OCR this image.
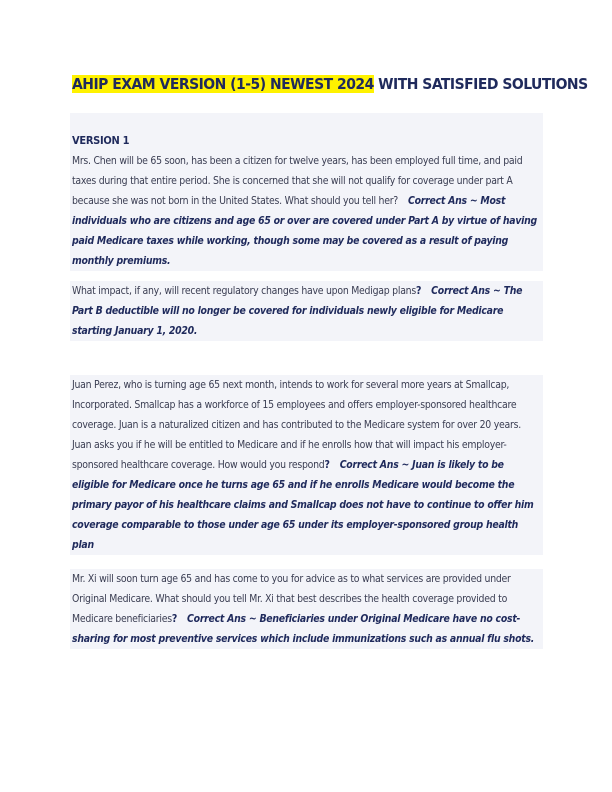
AHIP EXAM VERSION (1-5) NEWEST 2024 WITH SATISFIED SOLUTIONS

VERSION 1

Mrs. Chen will be 65 soon, has been a citizen for twelve years, has been employed full time, and paid taxes during that entire period. She is concerned that she will not qualify for coverage under part A because she was not born in the United States. What should you tell her? Correct Ans ~ Most individuals who are citizens and age 65 or over are covered under Part A by virtue of having paid Medicare taxes while working, though some may be covered as a result of paying monthly premiums.

What impact, if any, will recent regulatory changes have upon Medigap plans? Correct Ans ~ The Part B deductible will no longer be covered for individuals newly eligible for Medicare starting January 1, 2020.

Juan Perez, who is turning age 65 next month, intends to work for several more years at Smallcap, Incorporated. Smallcap has a workforce of 15 employees and offers employer-sponsored healthcare coverage. Juan is a naturalized citizen and has contributed to the Medicare system for over 20 years. Juan asks you if he will be entitled to Medicare and if he enrolls how that will impact his employer-sponsored healthcare coverage. How would you respond? Correct Ans ~ Juan is likely to be eligible for Medicare once he turns age 65 and if he enrolls Medicare would become the primary payor of his healthcare claims and Smallcap does not have to continue to offer him coverage comparable to those under age 65 under its employer-sponsored group health plan

Mr. Xi will soon turn age 65 and has come to you for advice as to what services are provided under Original Medicare. What should you tell Mr. Xi that best describes the health coverage provided to Medicare beneficiaries? Correct Ans ~ Beneficiaries under Original Medicare have no cost-sharing for most preventive services which include immunizations such as annual flu shots.
